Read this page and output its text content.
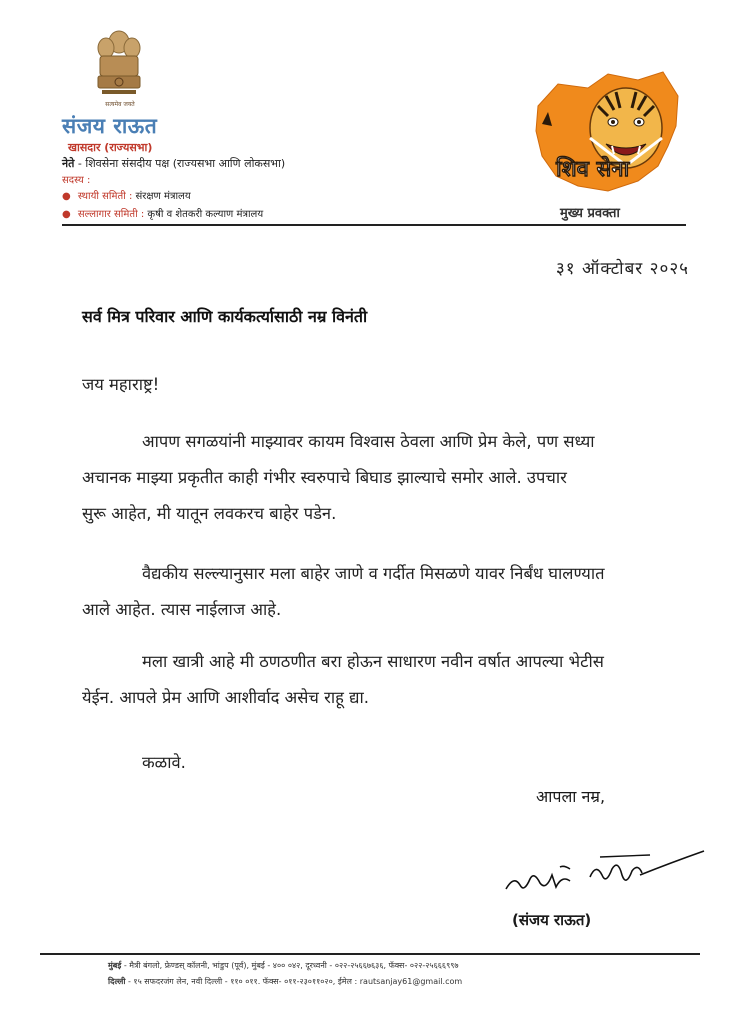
सत्यमेव जयते
संजय राऊत
खासदार (राज्यसभा)
नेते - शिवसेना संसदीय पक्ष (राज्यसभा आणि लोकसभा)
सदस्य :
● स्थायी समिती : संरक्षण मंत्रालय
● सल्लागार समिती : कृषी व शेतकरी कल्याण मंत्रालय
शिव सेना
मुख्य प्रवक्ता
३१ ऑक्टोबर २०२५
सर्व मित्र परिवार आणि कार्यकर्त्यासाठी नम्र विनंती
जय महाराष्ट्र!
आपण सगळयांनी माझ्यावर कायम विश्वास ठेवला आणि प्रेम केले, पण सध्या
अचानक माझ्या प्रकृतीत काही गंभीर स्वरुपाचे बिघाड झाल्याचे समोर आले. उपचार
सुरू आहेत, मी यातून लवकरच बाहेर पडेन.
वैद्यकीय सल्ल्यानुसार मला बाहेर जाणे व गर्दीत मिसळणे यावर निर्बंध घालण्यात
आले आहेत. त्यास नाईलाज आहे.
मला खात्री आहे मी ठणठणीत बरा होऊन साधारण नवीन वर्षात आपल्या भेटीस
येईन. आपले प्रेम आणि आशीर्वाद असेच राहू द्या.
कळावे.
आपला नम्र,
(संजय राऊत)
मुंबई - मैत्री बंगलो, फ्रेण्डस् कॉलनी, भांडुप (पूर्व), मुंबई - ४०० ०४२, दूरध्वनी - ०२२-२५६६७६३६, फॅक्स- ०२२-२५६६६९९७
दिल्ली - १५ सफदरजंग लेन, नवी दिल्ली - ११० ०११. फॅक्स- ०११-२३०११०२०, ईमेल : rautsanjay61@gmail.com
